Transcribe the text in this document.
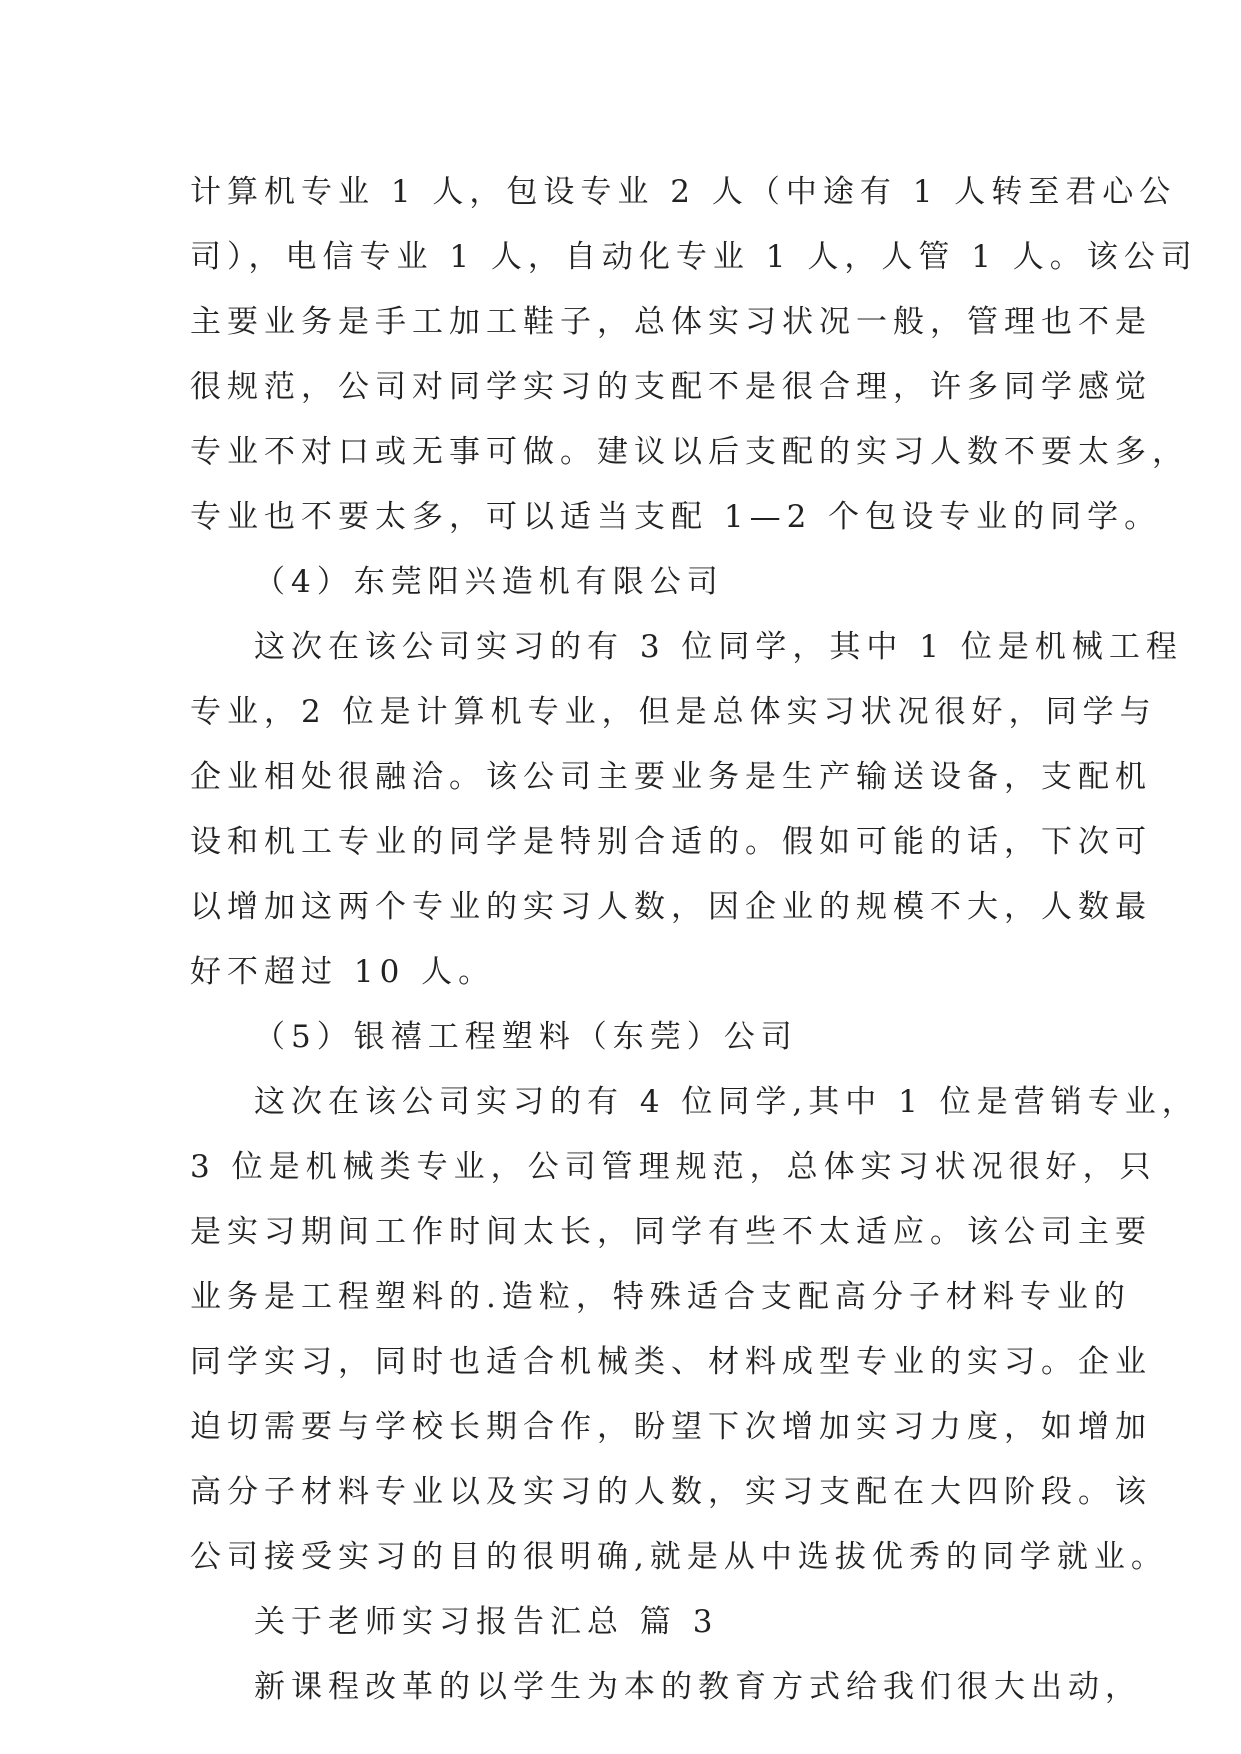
计算机专业 1 人，包设专业 2 人（中途有 1 人转至君心公
司），电信专业 1 人，自动化专业 1 人，人管 1 人。该公司
主要业务是手工加工鞋子，总体实习状况一般，管理也不是
很规范，公司对同学实习的支配不是很合理，许多同学感觉
专业不对口或无事可做。建议以后支配的实习人数不要太多，
专业也不要太多，可以适当支配 1—2 个包设专业的同学。
（4）东莞阳兴造机有限公司
这次在该公司实习的有 3 位同学，其中 1 位是机械工程
专业，2 位是计算机专业，但是总体实习状况很好，同学与
企业相处很融洽。该公司主要业务是生产输送设备，支配机
设和机工专业的同学是特别合适的。假如可能的话，下次可
以增加这两个专业的实习人数，因企业的规模不大，人数最
好不超过 10 人。
（5）银禧工程塑料（东莞）公司
这次在该公司实习的有 4 位同学,其中 1 位是营销专业，
3 位是机械类专业，公司管理规范，总体实习状况很好，只
是实习期间工作时间太长，同学有些不太适应。该公司主要
业务是工程塑料的.造粒，特殊适合支配高分子材料专业的
同学实习，同时也适合机械类、材料成型专业的实习。企业
迫切需要与学校长期合作，盼望下次增加实习力度，如增加
高分子材料专业以及实习的人数，实习支配在大四阶段。该
公司接受实习的目的很明确,就是从中选拔优秀的同学就业。
关于老师实习报告汇总 篇 3
新课程改革的以学生为本的教育方式给我们很大出动，
